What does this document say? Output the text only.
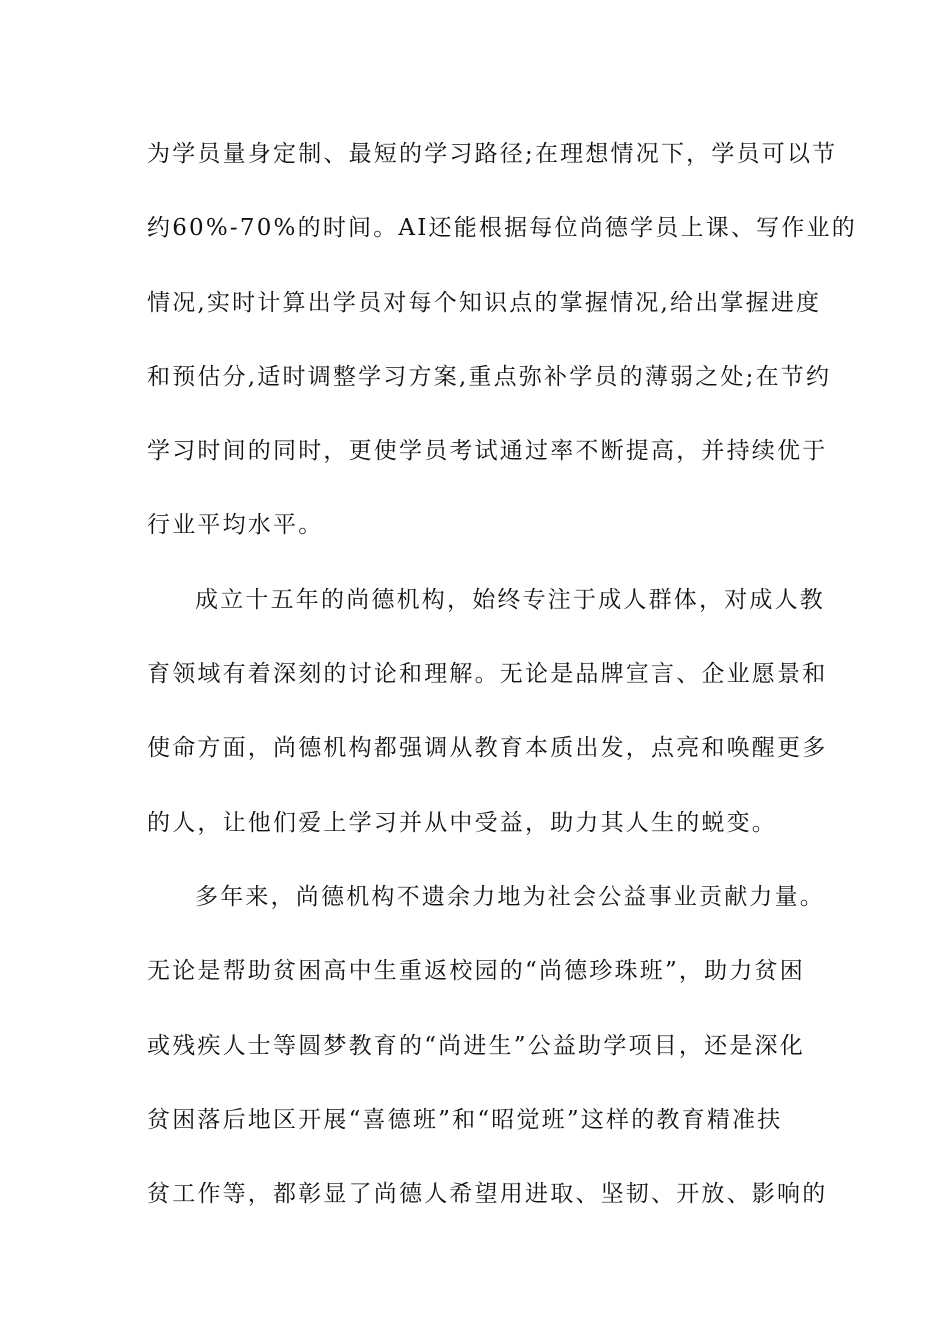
为学员量身定制、最短的学习路径;在理想情况下，学员可以节
约60%-70%的时间。AI还能根据每位尚德学员上课、写作业的
情况,实时计算出学员对每个知识点的掌握情况,给出掌握进度
和预估分,适时调整学习方案,重点弥补学员的薄弱之处;在节约
学习时间的同时，更使学员考试通过率不断提高，并持续优于
行业平均水平。
成立十五年的尚德机构，始终专注于成人群体，对成人教
育领域有着深刻的讨论和理解。无论是品牌宣言、企业愿景和
使命方面，尚德机构都强调从教育本质出发，点亮和唤醒更多
的人，让他们爱上学习并从中受益，助力其人生的蜕变。
多年来，尚德机构不遗余力地为社会公益事业贡献力量。
无论是帮助贫困高中生重返校园的“尚德珍珠班”，助力贫困
或残疾人士等圆梦教育的“尚进生”公益助学项目，还是深化
贫困落后地区开展“喜德班”和“昭觉班”这样的教育精准扶
贫工作等，都彰显了尚德人希望用进取、坚韧、开放、影响的
